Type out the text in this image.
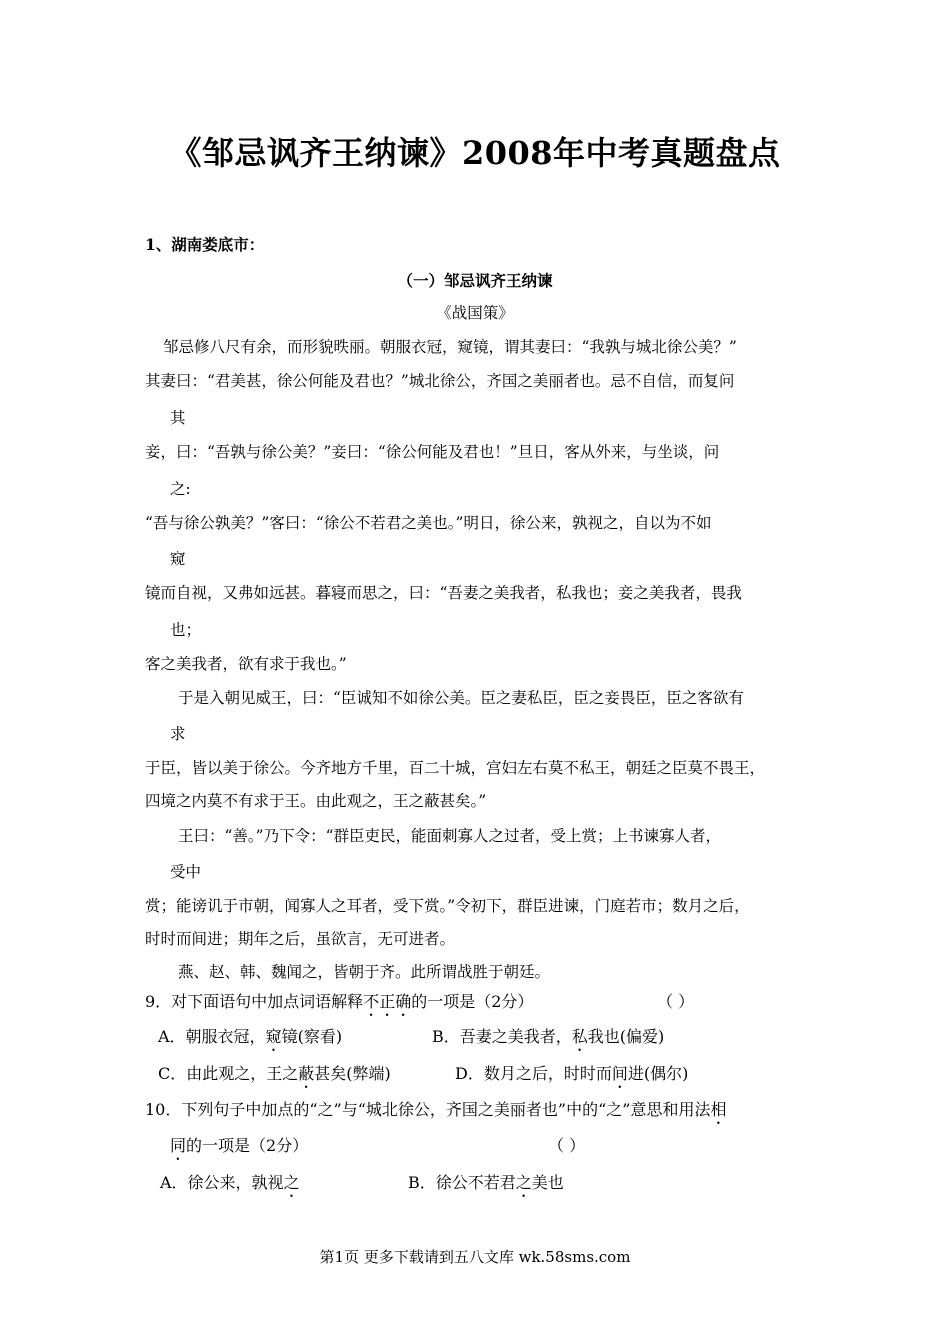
《邹忌讽齐王纳谏》2008年中考真题盘点
1、湖南娄底市：
（一）邹忌讽齐王纳谏
《战国策》
邹忌修八尺有余，而形貌昳丽。朝服衣冠，窥镜，谓其妻曰：“我孰与城北徐公美？”
其妻曰：“君美甚，徐公何能及君也？”城北徐公，齐国之美丽者也。忌不自信，而复问
其
妾，曰：“吾孰与徐公美？”妾曰：“徐公何能及君也！”旦日，客从外来，与坐谈，问
之:
“吾与徐公孰美？”客曰：“徐公不若君之美也。”明日，徐公来，孰视之，自以为不如
窥
镜而自视，又弗如远甚。暮寝而思之，曰：“吾妻之美我者，私我也；妾之美我者，畏我
也；
客之美我者，欲有求于我也。”
于是入朝见威王，曰：“臣诚知不如徐公美。臣之妻私臣，臣之妾畏臣，臣之客欲有
求
于臣，皆以美于徐公。今齐地方千里，百二十城，宫妇左右莫不私王，朝廷之臣莫不畏王，
四境之内莫不有求于王。由此观之，王之蔽甚矣。”
王曰：“善。”乃下令：“群臣吏民，能面刺寡人之过者，受上赏；上书谏寡人者，
受中
赏；能谤讥于市朝，闻寡人之耳者，受下赏。”令初下，群臣进谏，门庭若市；数月之后，
时时而间进；期年之后，虽欲言，无可进者。
燕、赵、韩、魏闻之，皆朝于齐。此所谓战胜于朝廷。
9．对下面语句中加点词语解释不正确的一项是（2分）	（ ）
A．朝服衣冠，窥镜(察看)	B．吾妻之美我者，私我也(偏爱)
C．由此观之，王之蔽甚矣(弊端)	D．数月之后，时时而间进(偶尔)
10．下列句子中加点的“之”与“城北徐公，齐国之美丽者也”中的“之”意思和用法相
同的一项是（2分）	（ ）
A．徐公来，孰视之	B．徐公不若君之美也
第1页 更多下载请到五八文库 wk.58sms.com
